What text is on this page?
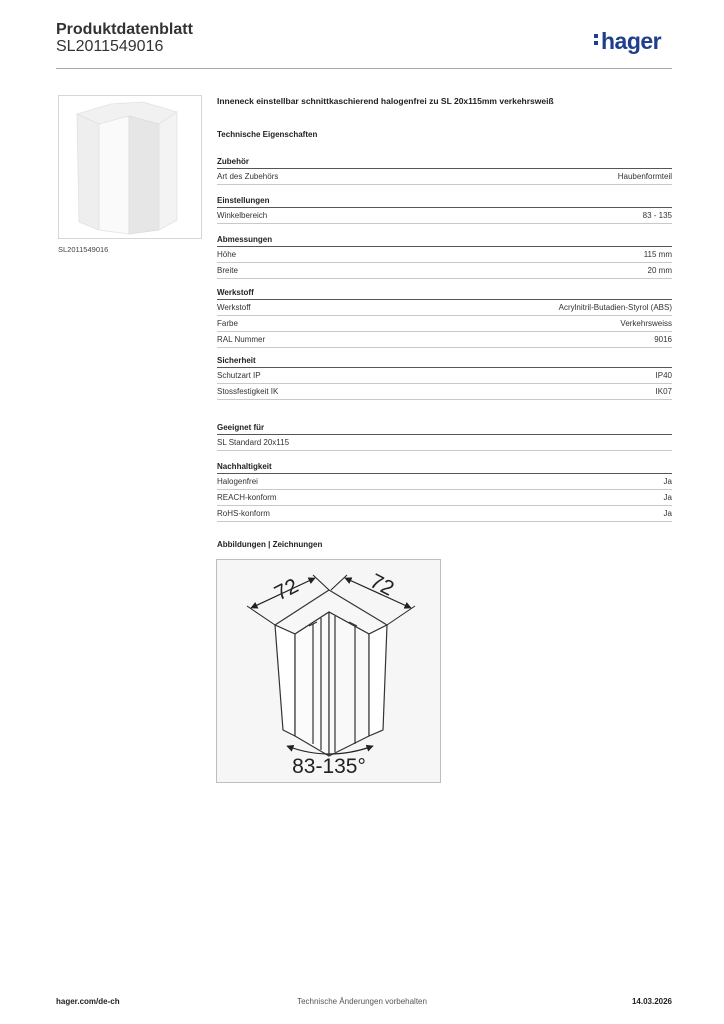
Produktdatenblatt
SL2011549016	hager
SL2011549016
Inneneck einstellbar schnittkaschierend halogenfrei zu SL 20x115mm verkehrsweiß
Technische Eigenschaften
Zubehör
Art des Zubehörs	Haubenformteil
Einstellungen
Winkelbereich	83 - 135
Abmessungen
Höhe	115 mm
Breite	20 mm
Werkstoff
Werkstoff	Acrylnitril-Butadien-Styrol (ABS)
Farbe	Verkehrsweiss
RAL Nummer	9016
Sicherheit
Schutzart IP	IP40
Stossfestigkeit IK	IK07
Geeignet für
SL Standard 20x115
Nachhaltigkeit
Halogenfrei	Ja
REACH-konform	Ja
RoHS-konform	Ja
Abbildungen | Zeichnungen
72	72
83-135°
hager.com/de-ch	Technische Änderungen vorbehalten	14.03.2026
